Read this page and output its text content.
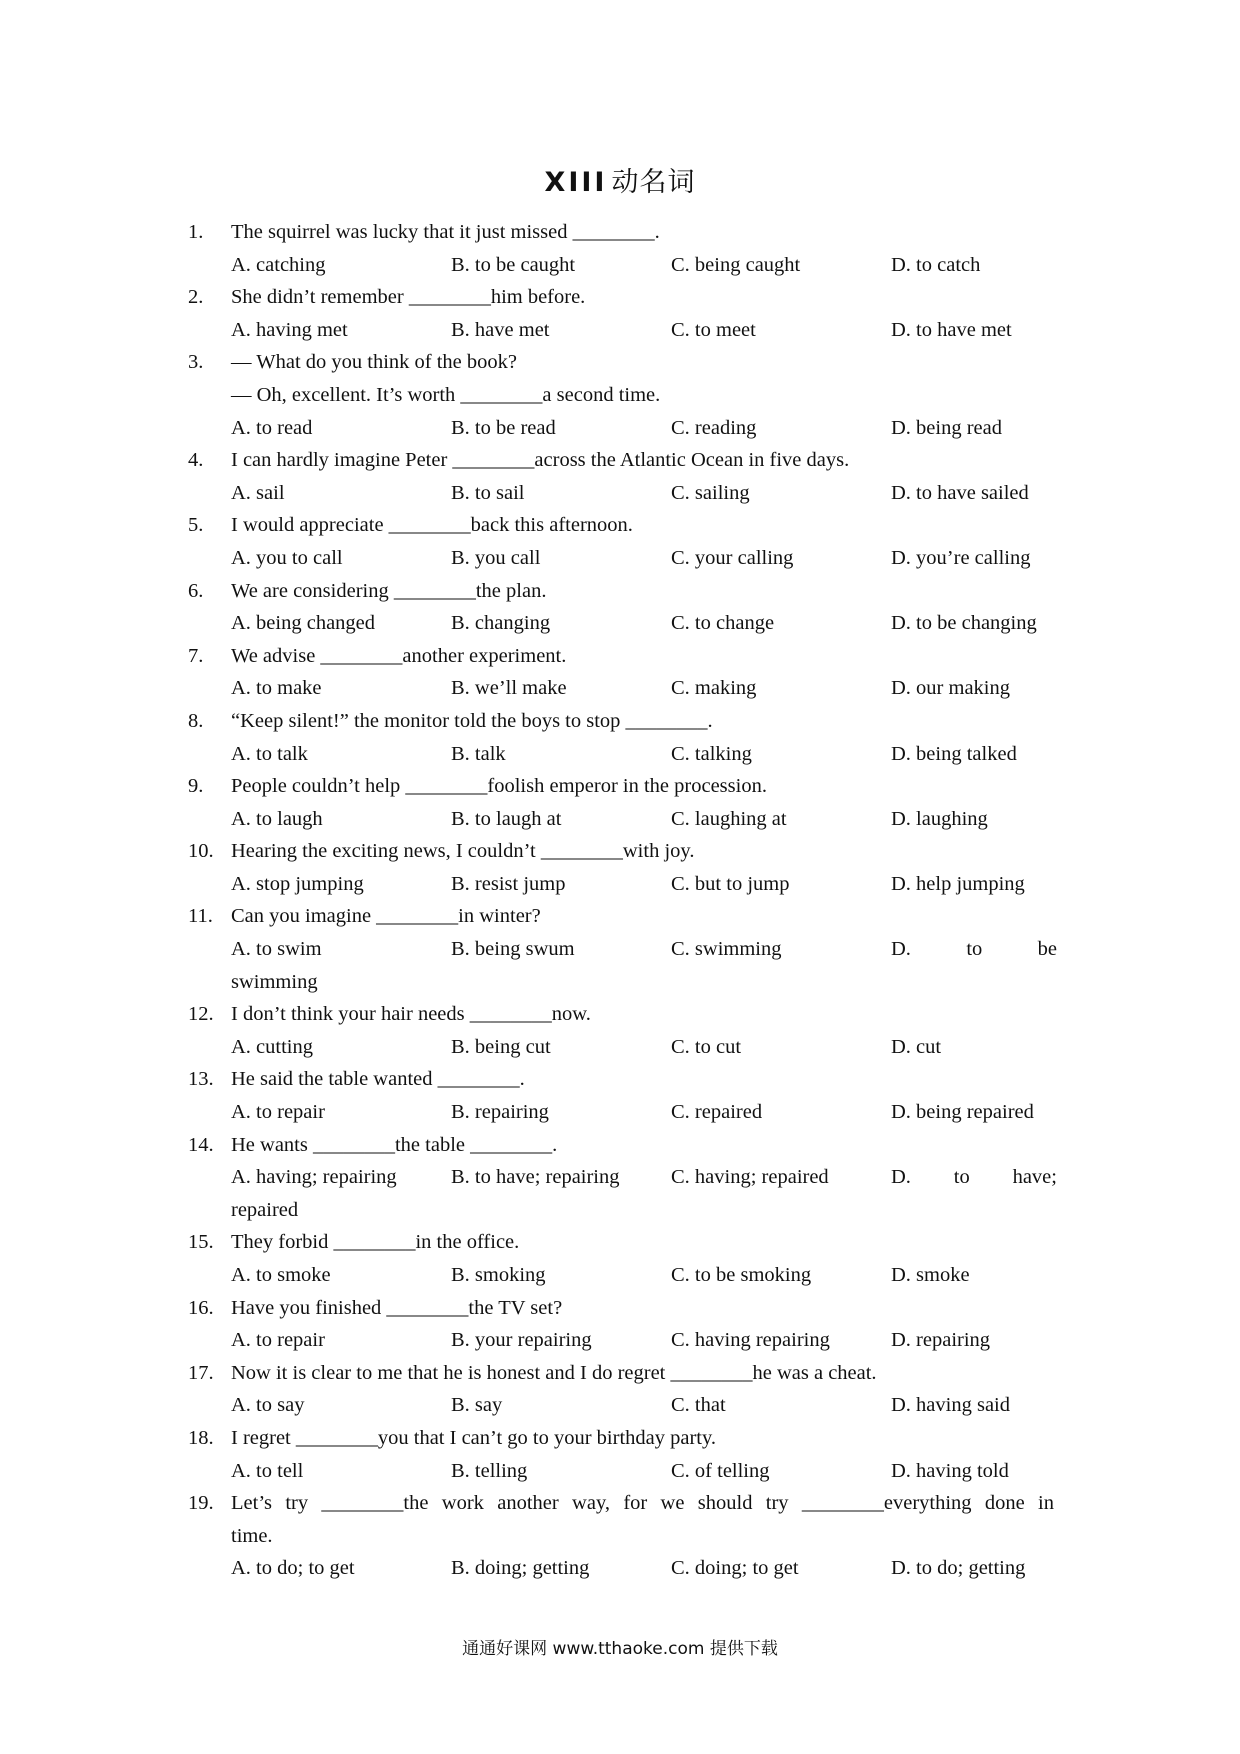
XIII 动名词
1. The squirrel was lucky that it just missed ________.
A. catching	B. to be caught	C. being caught	D. to catch
2. She didn’t remember ________him before.
A. having met	B. have met	C. to meet	D. to have met
3. — What do you think of the book?
— Oh, excellent. It’s worth ________a second time.
A. to read	B. to be read	C. reading	D. being read
4. I can hardly imagine Peter ________across the Atlantic Ocean in five days.
A. sail	B. to sail	C. sailing	D. to have sailed
5. I would appreciate ________back this afternoon.
A. you to call	B. you call	C. your calling	D. you’re calling
6. We are considering ________the plan.
A. being changed	B. changing	C. to change	D. to be changing
7. We advise ________another experiment.
A. to make	B. we’ll make	C. making	D. our making
8. “Keep silent!” the monitor told the boys to stop ________.
A. to talk	B. talk	C. talking	D. being talked
9. People couldn’t help ________foolish emperor in the procession.
A. to laugh	B. to laugh at	C. laughing at	D. laughing
10. Hearing the exciting news, I couldn’t ________with joy.
A. stop jumping	B. resist jump	C. but to jump	D. help jumping
11. Can you imagine ________in winter?
A. to swim	B. being swum	C. swimming	D.	to	be
swimming
12. I don’t think your hair needs ________now.
A. cutting	B. being cut	C. to cut	D. cut
13. He said the table wanted ________.
A. to repair	B. repairing	C. repaired	D. being repaired
14. He wants ________the table ________.
A. having; repairing	B. to have; repairing	C. having; repaired	D. to have;
repaired
15. They forbid ________in the office.
A. to smoke	B. smoking	C. to be smoking	D. smoke
16. Have you finished ________the TV set?
A. to repair	B. your repairing	C. having repairing	D. repairing
17. Now it is clear to me that he is honest and I do regret ________he was a cheat.
A. to say	B. say	C. that	D. having said
18. I regret ________you that I can’t go to your birthday party.
A. to tell	B. telling	C. of telling	D. having told
19. Let’s try ________the work another way, for we should try ________everything done in
time.
A. to do; to get	B. doing; getting	C. doing; to get	D. to do; getting
通通好课网 www.tthaoke.com 提供下载
